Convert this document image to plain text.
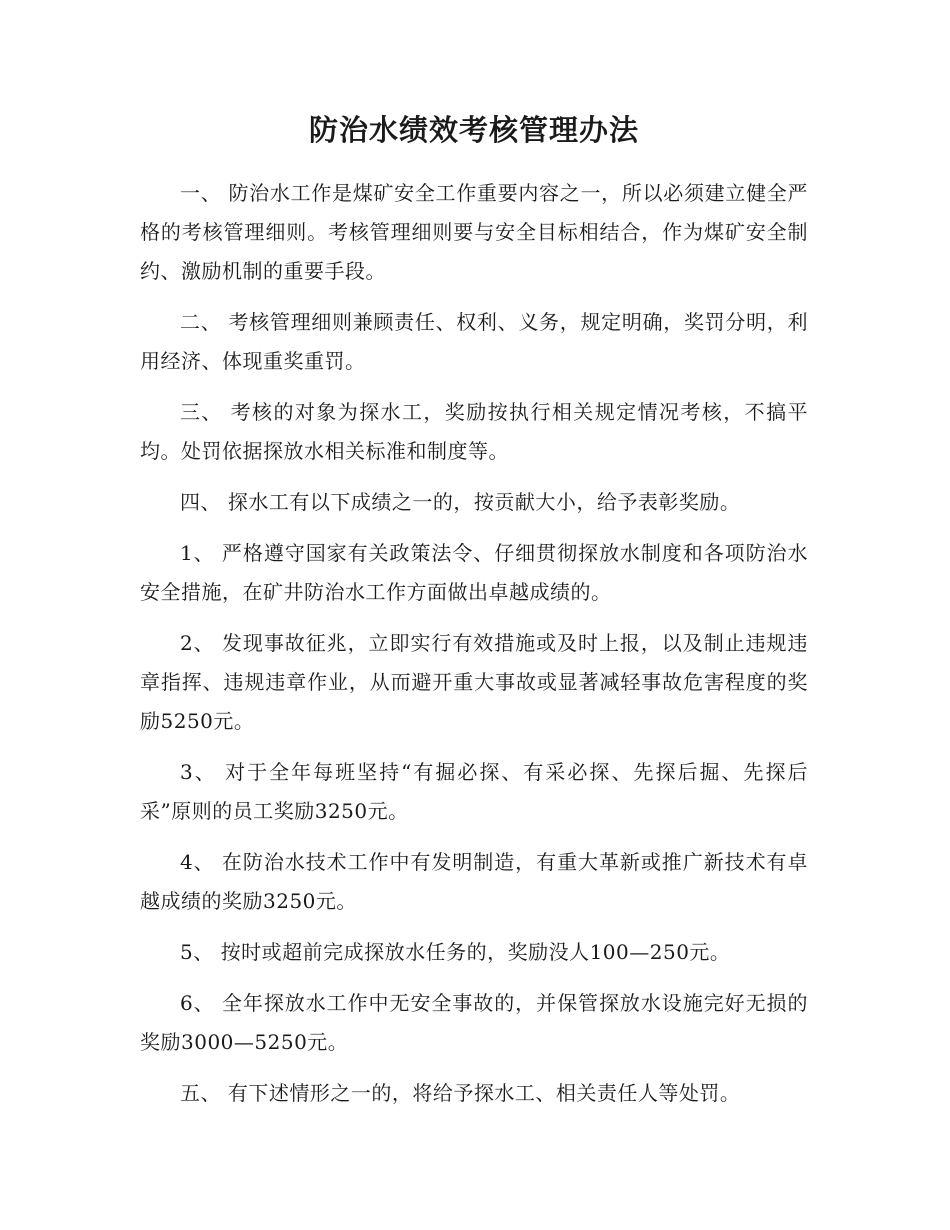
防治水绩效考核管理办法

一、 防治水工作是煤矿安全工作重要内容之一，所以必须建立健全严格的考核管理细则。考核管理细则要与安全目标相结合，作为煤矿安全制约、激励机制的重要手段。

二、 考核管理细则兼顾责任、权利、义务，规定明确，奖罚分明，利用经济、体现重奖重罚。

三、 考核的对象为探水工，奖励按执行相关规定情况考核，不搞平均。处罚依据探放水相关标准和制度等。

四、 探水工有以下成绩之一的，按贡献大小，给予表彰奖励。

1、 严格遵守国家有关政策法令、仔细贯彻探放水制度和各项防治水安全措施，在矿井防治水工作方面做出卓越成绩的。

2、 发现事故征兆，立即实行有效措施或及时上报，以及制止违规违章指挥、违规违章作业，从而避开重大事故或显著减轻事故危害程度的奖励5250元。

3、 对于全年每班坚持“有掘必探、有采必探、先探后掘、先探后采”原则的员工奖励3250元。

4、 在防治水技术工作中有发明制造，有重大革新或推广新技术有卓越成绩的奖励3250元。

5、 按时或超前完成探放水任务的，奖励没人100—250元。

6、 全年探放水工作中无安全事故的，并保管探放水设施完好无损的奖励3000—5250元。

五、 有下述情形之一的，将给予探水工、相关责任人等处罚。
